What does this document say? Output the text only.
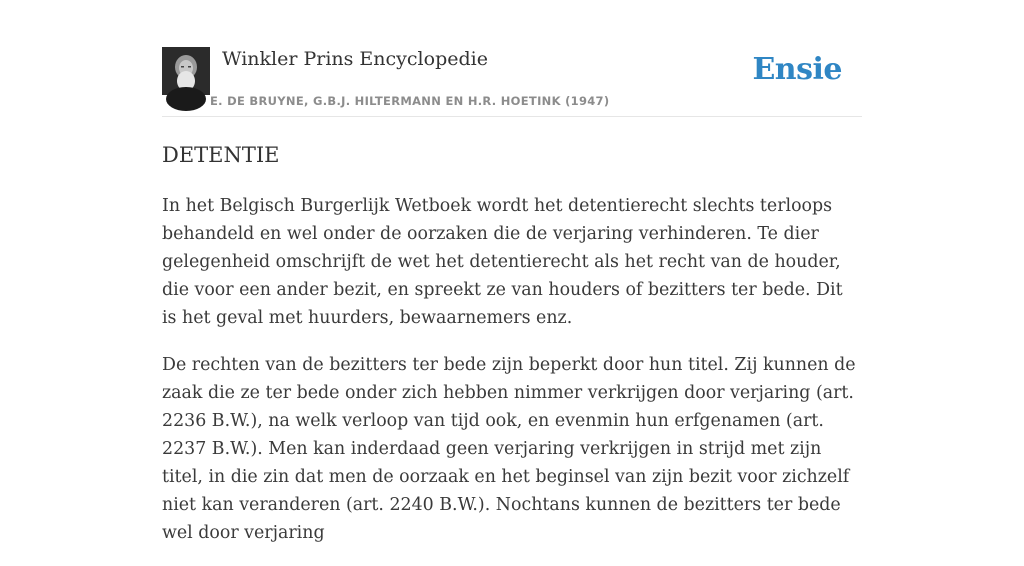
Winkler Prins Encyclopedie
E. DE BRUYNE, G.B.J. HILTERMANN EN H.R. HOETINK (1947)
Ensie
DETENTIE

In het Belgisch Burgerlijk Wetboek wordt het detentierecht slechts terloops behandeld en wel onder de oorzaken die de verjaring verhinderen. Te dier gelegenheid omschrijft de wet het detentierecht als het recht van de houder, die voor een ander bezit, en spreekt ze van houders of bezitters ter bede. Dit is het geval met huurders, bewaarnemers enz.

De rechten van de bezitters ter bede zijn beperkt door hun titel. Zij kunnen de zaak die ze ter bede onder zich hebben nimmer verkrijgen door verjaring (art. 2236 B.W.), na welk verloop van tijd ook, en evenmin hun erfgenamen (art. 2237 B.W.). Men kan inderdaad geen verjaring verkrijgen in strijd met zijn titel, in die zin dat men de oorzaak en het beginsel van zijn bezit voor zichzelf niet kan veranderen (art. 2240 B.W.). Nochtans kunnen de bezitters ter bede wel door verjaring
